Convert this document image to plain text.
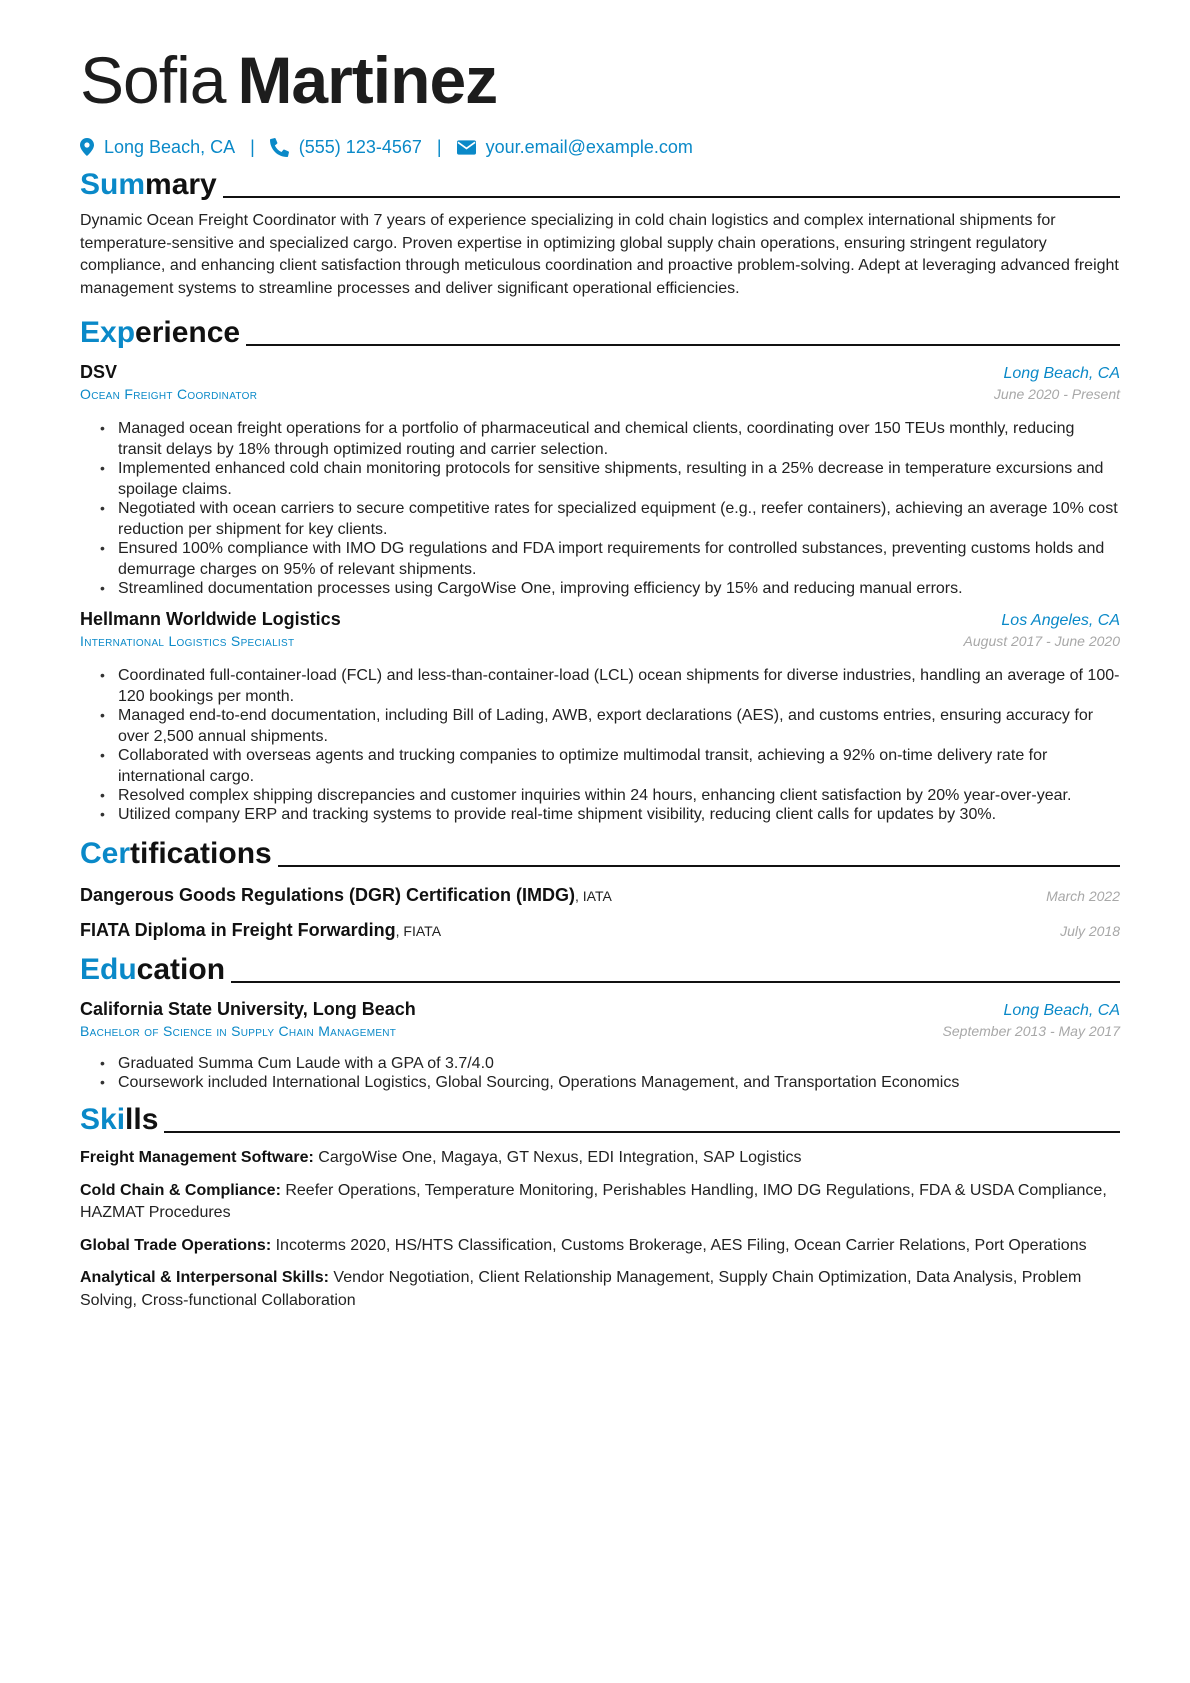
Sofia Martinez
Long Beach, CA | (555) 123-4567 | your.email@example.com
Summary
Dynamic Ocean Freight Coordinator with 7 years of experience specializing in cold chain logistics and complex international shipments for temperature-sensitive and specialized cargo. Proven expertise in optimizing global supply chain operations, ensuring stringent regulatory compliance, and enhancing client satisfaction through meticulous coordination and proactive problem-solving. Adept at leveraging advanced freight management systems to streamline processes and deliver significant operational efficiencies.
Experience
DSV	Long Beach, CA
Ocean Freight Coordinator	June 2020 - Present
• Managed ocean freight operations for a portfolio of pharmaceutical and chemical clients, coordinating over 150 TEUs monthly, reducing transit delays by 18% through optimized routing and carrier selection.
• Implemented enhanced cold chain monitoring protocols for sensitive shipments, resulting in a 25% decrease in temperature excursions and spoilage claims.
• Negotiated with ocean carriers to secure competitive rates for specialized equipment (e.g., reefer containers), achieving an average 10% cost reduction per shipment for key clients.
• Ensured 100% compliance with IMO DG regulations and FDA import requirements for controlled substances, preventing customs holds and demurrage charges on 95% of relevant shipments.
• Streamlined documentation processes using CargoWise One, improving efficiency by 15% and reducing manual errors.
Hellmann Worldwide Logistics	Los Angeles, CA
International Logistics Specialist	August 2017 - June 2020
• Coordinated full-container-load (FCL) and less-than-container-load (LCL) ocean shipments for diverse industries, handling an average of 100-120 bookings per month.
• Managed end-to-end documentation, including Bill of Lading, AWB, export declarations (AES), and customs entries, ensuring accuracy for over 2,500 annual shipments.
• Collaborated with overseas agents and trucking companies to optimize multimodal transit, achieving a 92% on-time delivery rate for international cargo.
• Resolved complex shipping discrepancies and customer inquiries within 24 hours, enhancing client satisfaction by 20% year-over-year.
• Utilized company ERP and tracking systems to provide real-time shipment visibility, reducing client calls for updates by 30%.
Certifications
Dangerous Goods Regulations (DGR) Certification (IMDG), IATA	March 2022
FIATA Diploma in Freight Forwarding, FIATA	July 2018
Education
California State University, Long Beach	Long Beach, CA
Bachelor of Science in Supply Chain Management	September 2013 - May 2017
• Graduated Summa Cum Laude with a GPA of 3.7/4.0
• Coursework included International Logistics, Global Sourcing, Operations Management, and Transportation Economics
Skills
Freight Management Software: CargoWise One, Magaya, GT Nexus, EDI Integration, SAP Logistics
Cold Chain & Compliance: Reefer Operations, Temperature Monitoring, Perishables Handling, IMO DG Regulations, FDA & USDA Compliance, HAZMAT Procedures
Global Trade Operations: Incoterms 2020, HS/HTS Classification, Customs Brokerage, AES Filing, Ocean Carrier Relations, Port Operations
Analytical & Interpersonal Skills: Vendor Negotiation, Client Relationship Management, Supply Chain Optimization, Data Analysis, Problem Solving, Cross-functional Collaboration
